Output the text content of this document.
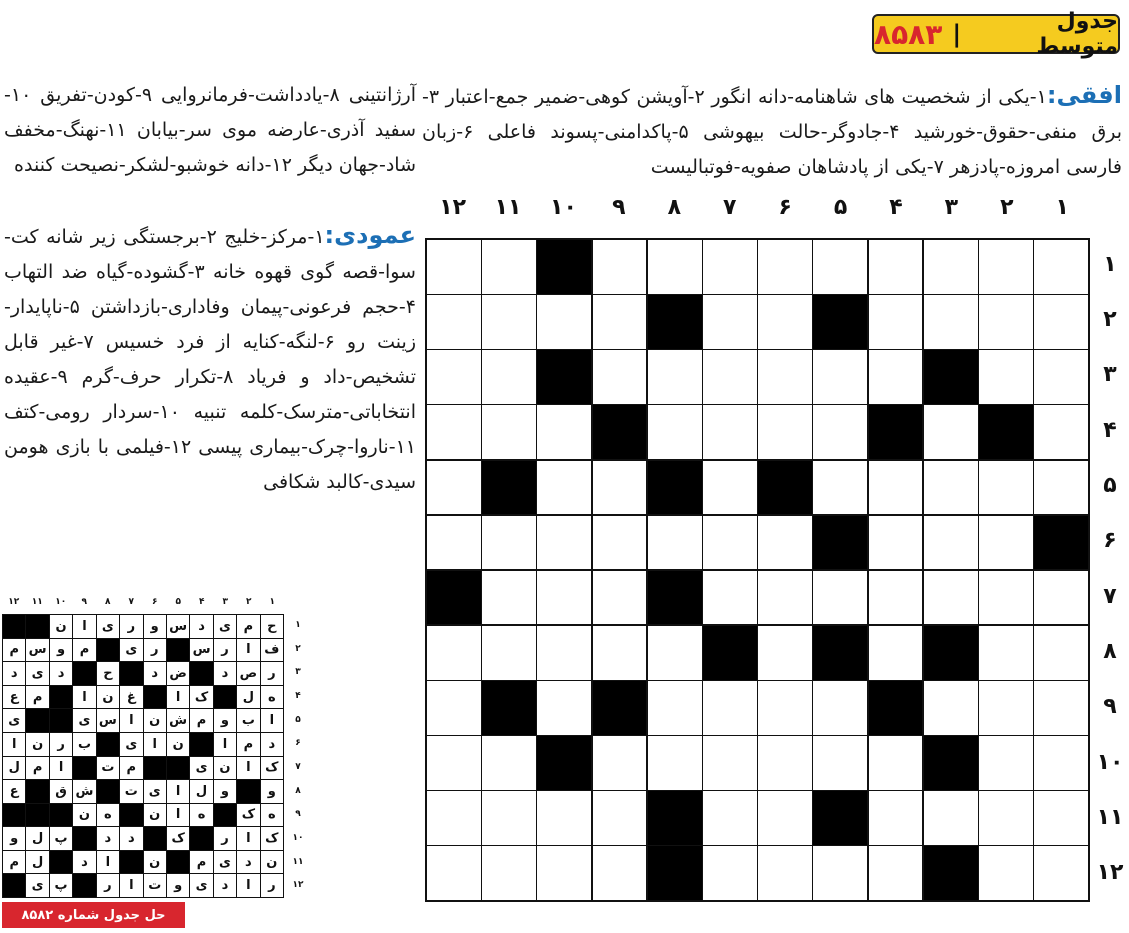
جدول متوسط
|
۸۵۸۳
افقی:۱-یکی از شخصیت های شاهنامه-دانه انگور ۲-آویشن کوهی-ضمیر جمع-اعتبار ۳-برق منفی-حقوق-خورشید ۴-جادوگر-حالت بیهوشی ۵-پاکدامنی-پسوند فاعلی ۶-زبان فارسی امروزه-پادزهر ۷-یکی از پادشاهان صفویه-فوتبالیست
آرژانتینی ۸-یادداشت-فرمانروایی ۹-کودن-تفریق ۱۰-سفید آذری-عارضه موی سر-بیابان ۱۱-نهنگ-مخفف شاد-جهان دیگر ۱۲-دانه خوشبو-لشکر-نصیحت کننده
عمودی:۱-مرکز-خلیج ۲-برجستگی زیر شانه کت-سوا-قصه گوی قهوه خانه ۳-گشوده-گیاه ضد التهاب ۴-حجم فرعونی-پیمان وفاداری-بازداشتن ۵-ناپایدار-زینت رو ۶-لنگه-کنایه از فرد خسیس ۷-غیر قابل تشخیص-داد و فریاد ۸-تکرار حرف-گرم ۹-عقیده انتخاباتی-مترسک-کلمه تنبیه ۱۰-سردار رومی-کتف ۱۱-ناروا-چرک-بیماری پیسی ۱۲-فیلمی با بازی هومن سیدی-کالبد شکافی
۱
۲
۳
۴
۵
۶
۷
۸
۹
۱۰
۱۱
۱۲
۱
۲
۳
۴
۵
۶
۷
۸
۹
۱۰
۱۱
۱۲
۱
۲
۳
۴
۵
۶
۷
۸
۹
۱۰
۱۱
۱۲
۱
۲
۳
۴
۵
۶
۷
۸
۹
۱۰
۱۱
۱۲
ح
م
ی
د
س
و
ر
ی
ا
ن
ف
ا
ر
س
ر
ی
م
و
س
م
ر
ص
د
ض
د
ح
د
ی
د
ه
ل
ک
ا
غ
ن
ا
م
ع
ا
ب
و
م
ش
ن
ا
س
ی
ی
د
م
ا
ن
ا
ی
ب
ر
ن
ا
ک
ا
ن
ی
م
ت
ا
م
ل
و
و
ل
ا
ی
ت
ش
ق
ع
ه
ک
ه
ا
ن
ه
ن
ک
ا
ر
ک
د
د
پ
ل
و
ن
د
ی
م
ن
ا
د
ل
م
ر
ا
د
ی
و
ت
ا
ر
پ
ی
حل جدول شماره ۸۵۸۲
